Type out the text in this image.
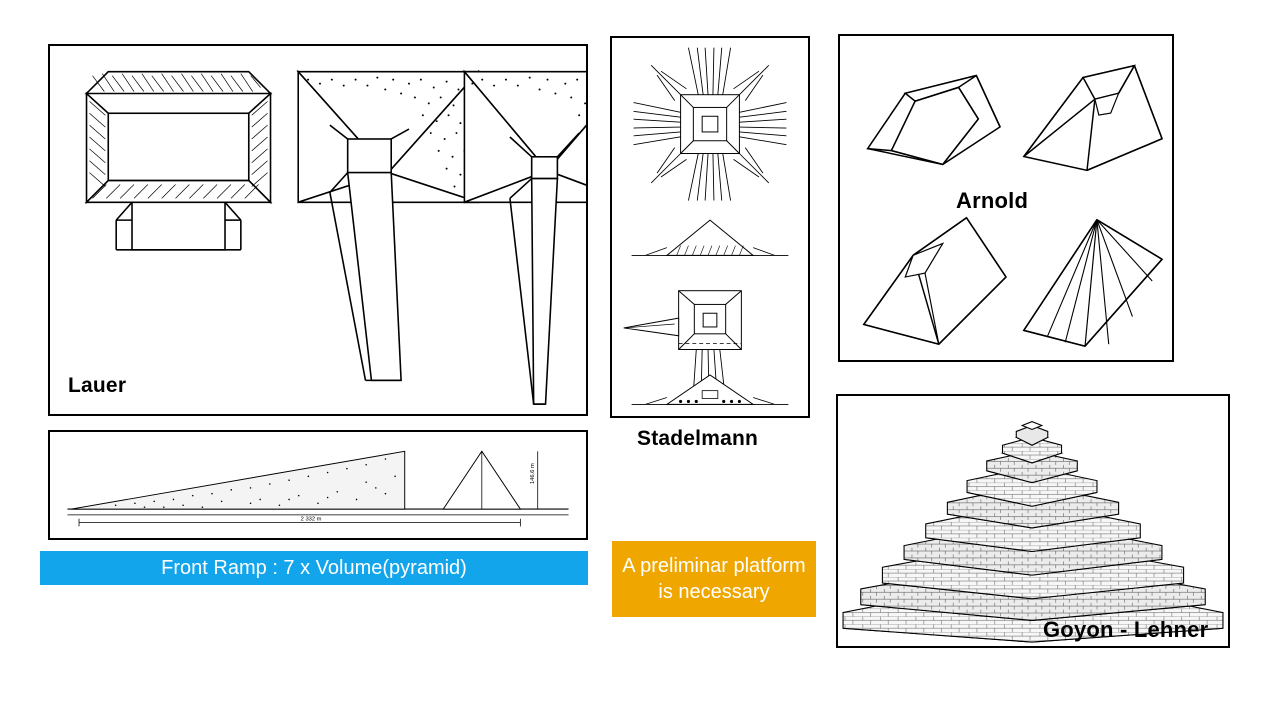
Lauer
2 332 m
146.6 m
Front Ramp : 7 x Volume(pyramid)
Stadelmann
A preliminar platform
is necessary
Arnold
Goyon - Lehner
